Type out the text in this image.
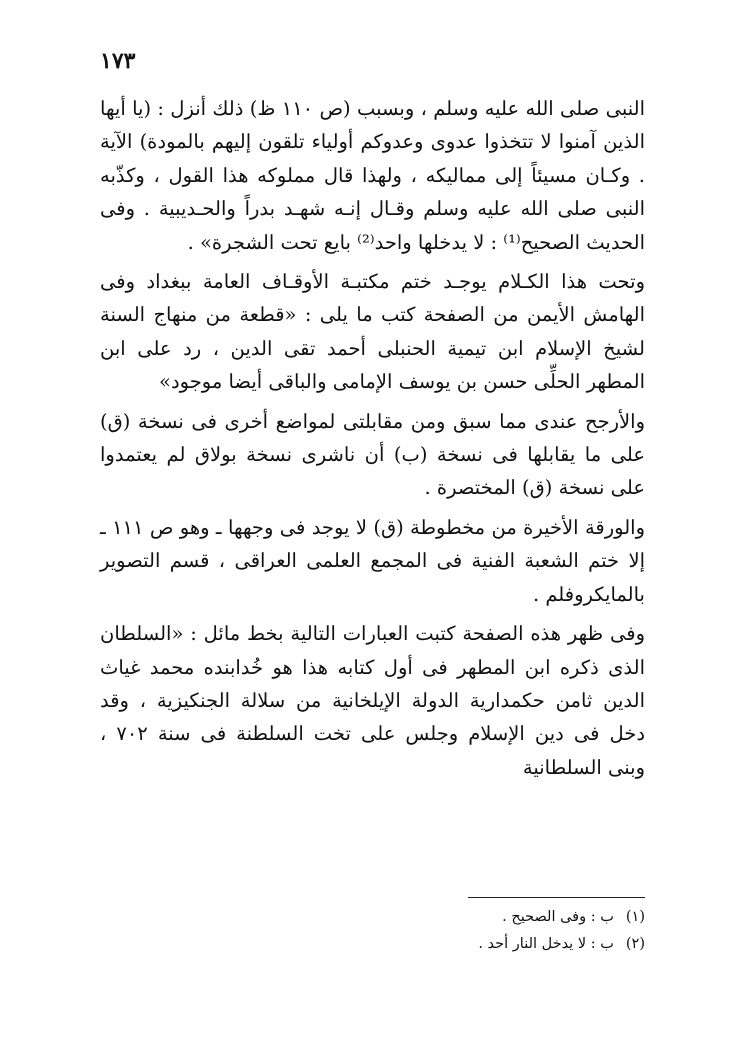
١٧٣

النبى صلى الله عليه وسلم ، وبسبب (ص ١١٠ ظ) ذلك أنزل : (يا أيها الذين آمنوا لا تتخذوا عدوى وعدوكم أولياء تلقون إليهم بالمودة) الآية . وكـان مسيئاً إلى مماليكه ، ولهذا قال مملوكه هذا القول ، وكذّبه النبى صلى الله عليه وسلم وقـال إنـه شهـد بدراً والحـديبية . وفى الحديث الصحيح⁽¹⁾ : لا يدخلها واحد⁽²⁾ بايع تحت الشجرة» .

وتحت هذا الكـلام يوجـد ختم مكتبـة الأوقـاف العامة ببغداد وفى الهامش الأيمن من الصفحة كتب ما يلى : «قطعة من منهاج السنة لشيخ الإسلام ابن تيمية الحنبلى أحمد تقى الدين ، رد على ابن المطهر الحلِّى حسن بن يوسف الإمامى والباقى أيضا موجود»

والأرجح عندى مما سبق ومن مقابلتى لمواضع أخرى فى نسخة (ق) على ما يقابلها فى نسخة (ب) أن ناشرى نسخة بولاق لم يعتمدوا على نسخة (ق) المختصرة .

والورقة الأخيرة من مخطوطة (ق) لا يوجد فى وجهها ـ وهو ص ١١١ ـ إلا ختم الشعبة الفنية فى المجمع العلمى العراقى ، قسم التصوير بالمايكروفلم .

وفى ظهر هذه الصفحة كتبت العبارات التالية بخط مائل : «السلطان الذى ذكره ابن المطهر فى أول كتابه هذا هو خُدابنده محمد غياث الدين ثامن حكمدارية الدولة الإيلخانية من سلالة الجنكيزية ، وقد دخل فى دين الإسلام وجلس على تخت السلطنة فى سنة ٧٠٢ ، وبنى السلطانية

(١)ب : وفى الصحيح .
(٢)ب : لا يدخل النار أحد .
